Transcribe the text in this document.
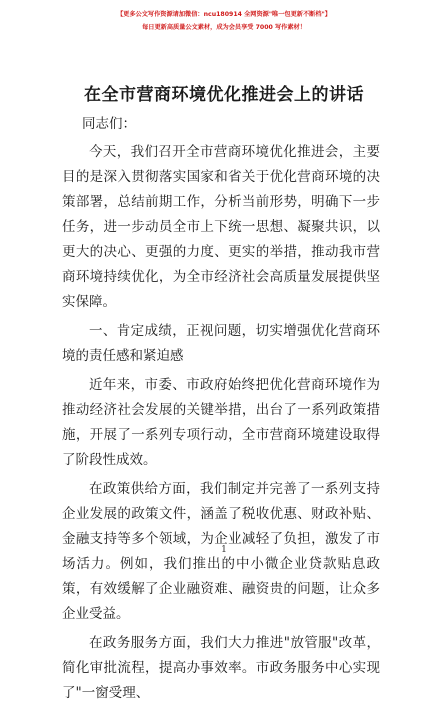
【更多公文写作资源请加微信：ncu180914 全网资源"唯一包更新不断档"】
每日更新高质量公文素材，成为会员享受 7000 写作素材！
在全市营商环境优化推进会上的讲话
同志们：

今天，我们召开全市营商环境优化推进会，主要目的是深入贯彻落实国家和省关于优化营商环境的决策部署，总结前期工作，分析当前形势，明确下一步任务，进一步动员全市上下统一思想、凝聚共识，以更大的决心、更强的力度、更实的举措，推动我市营商环境持续优化，为全市经济社会高质量发展提供坚实保障。

一、肯定成绩，正视问题，切实增强优化营商环境的责任感和紧迫感

近年来，市委、市政府始终把优化营商环境作为推动经济社会发展的关键举措，出台了一系列政策措施，开展了一系列专项行动，全市营商环境建设取得了阶段性成效。

在政策供给方面，我们制定并完善了一系列支持企业发展的政策文件，涵盖了税收优惠、财政补贴、金融支持等多个领域，为企业减轻了负担，激发了市场活力。例如，我们推出的中小微企业贷款贴息政策，有效缓解了企业融资难、融资贵的问题，让众多企业受益。

在政务服务方面，我们大力推进"放管服"改革，简化审批流程，提高办事效率。市政务服务中心实现了"一窗受理、

1
